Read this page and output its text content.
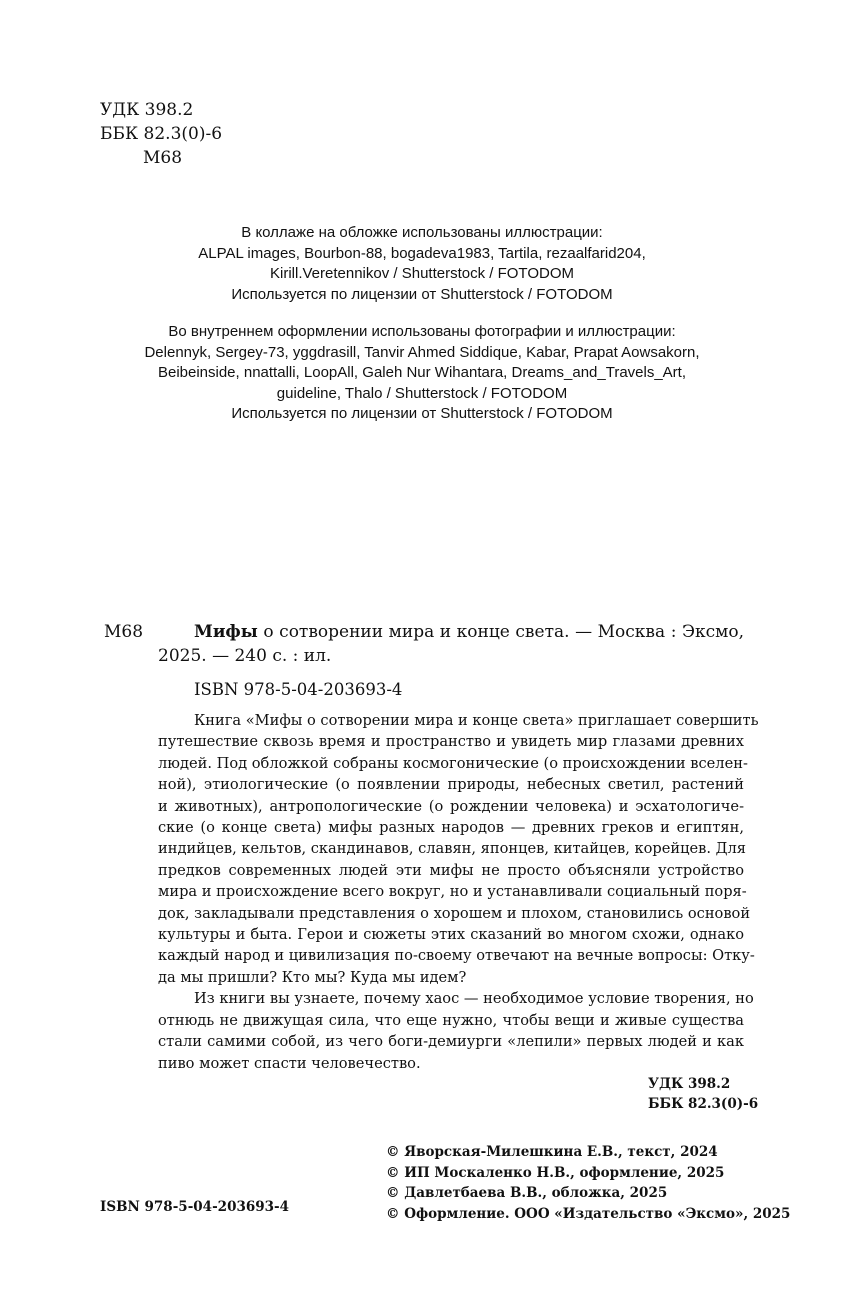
УДК 398.2
ББК 82.3(0)-6
М68
В коллаже на обложке использованы иллюстрации:
ALPAL images, Bourbon-88, bogadeva1983, Tartila, rezaalfarid204,
Kirill.Veretennikov / Shutterstock / FOTODOM
Используется по лицензии от Shutterstock / FOTODOM
Во внутреннем оформлении использованы фотографии и иллюстрации:
Delennyk, Sergey-73, yggdrasill, Tanvir Ahmed Siddique, Kabar, Prapat Aowsakorn,
Beibeinside, nnattalli, LoopAll, Galeh Nur Wihantara, Dreams_and_Travels_Art,
guideline, Thalo / Shutterstock / FOTODOM
Используется по лицензии от Shutterstock / FOTODOM
М68	Мифы о сотворении мира и конце света. — Москва : Эксмо, 2025. — 240 с. : ил.
ISBN 978-5-04-203693-4
Книга «Мифы о сотворении мира и конце света» приглашает совершить
путешествие сквозь время и пространство и увидеть мир глазами древних
людей. Под обложкой собраны космогонические (о происхождении вселен-
ной), этиологические (о появлении природы, небесных светил, растений
и животных), антропологические (о рождении человека) и эсхатологиче-
ские (о конце света) мифы разных народов — древних греков и египтян,
индийцев, кельтов, скандинавов, славян, японцев, китайцев, корейцев. Для
предков современных людей эти мифы не просто объясняли устройство
мира и происхождение всего вокруг, но и устанавливали социальный поря-
док, закладывали представления о хорошем и плохом, становились основой
культуры и быта. Герои и сюжеты этих сказаний во многом схожи, однако
каждый народ и цивилизация по-своему отвечают на вечные вопросы: Отку-
да мы пришли? Кто мы? Куда мы идем?
Из книги вы узнаете, почему хаос — необходимое условие творения, но
отнюдь не движущая сила, что еще нужно, чтобы вещи и живые существа
стали самими собой, из чего боги-демиурги «лепили» первых людей и как
пиво может спасти человечество.
УДК 398.2
ББК 82.3(0)-6
© Яворская-Милешкина Е.В., текст, 2024
© ИП Москаленко Н.В., оформление, 2025
© Давлетбаева В.В., обложка, 2025
© Оформление. ООО «Издательство «Эксмо», 2025
ISBN 978-5-04-203693-4
